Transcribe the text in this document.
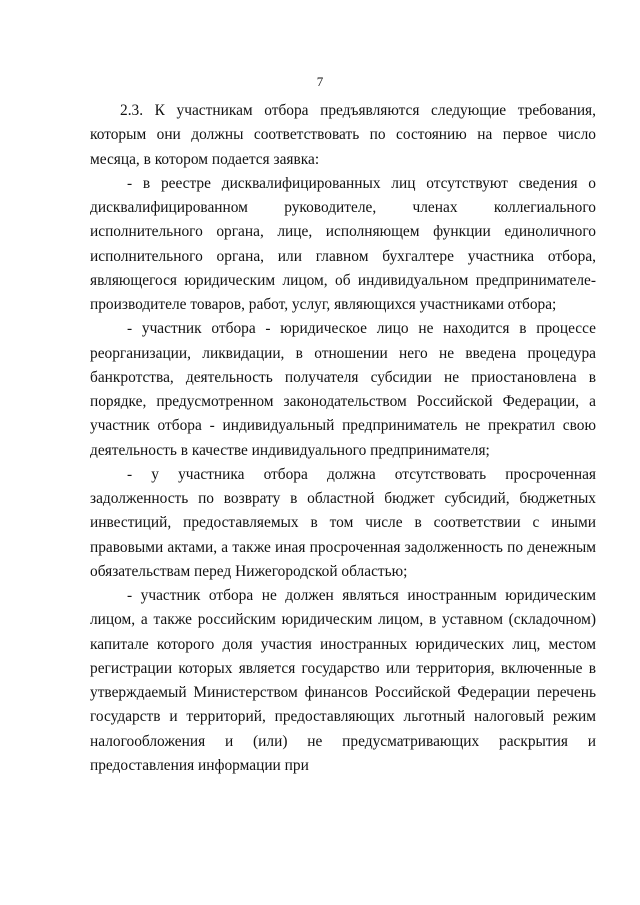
7

2.3. К участникам отбора предъявляются следующие требования, которым они должны соответствовать по состоянию на первое число месяца, в котором подается заявка:

- в реестре дисквалифицированных лиц отсутствуют сведения о дисквалифицированном руководителе, членах коллегиального исполнительного органа, лице, исполняющем функции единоличного исполнительного органа, или главном бухгалтере участника отбора, являющегося юридическим лицом, об индивидуальном предпринимателе-производителе товаров, работ, услуг, являющихся участниками отбора;

- участник отбора - юридическое лицо не находится в процессе реорганизации, ликвидации, в отношении него не введена процедура банкротства, деятельность получателя субсидии не приостановлена в порядке, предусмотренном законодательством Российской Федерации, а участник отбора - индивидуальный предприниматель не прекратил свою деятельность в качестве индивидуального предпринимателя;

- у участника отбора должна отсутствовать просроченная задолженность по возврату в областной бюджет субсидий, бюджетных инвестиций, предоставляемых в том числе в соответствии с иными правовыми актами, а также иная просроченная задолженность по денежным обязательствам перед Нижегородской областью;

- участник отбора не должен являться иностранным юридическим лицом, а также российским юридическим лицом, в уставном (складочном) капитале которого доля участия иностранных юридических лиц, местом регистрации которых является государство или территория, включенные в утверждаемый Министерством финансов Российской Федерации перечень государств и территорий, предоставляющих льготный налоговый режим налогообложения и (или) не предусматривающих раскрытия и предоставления информации при
